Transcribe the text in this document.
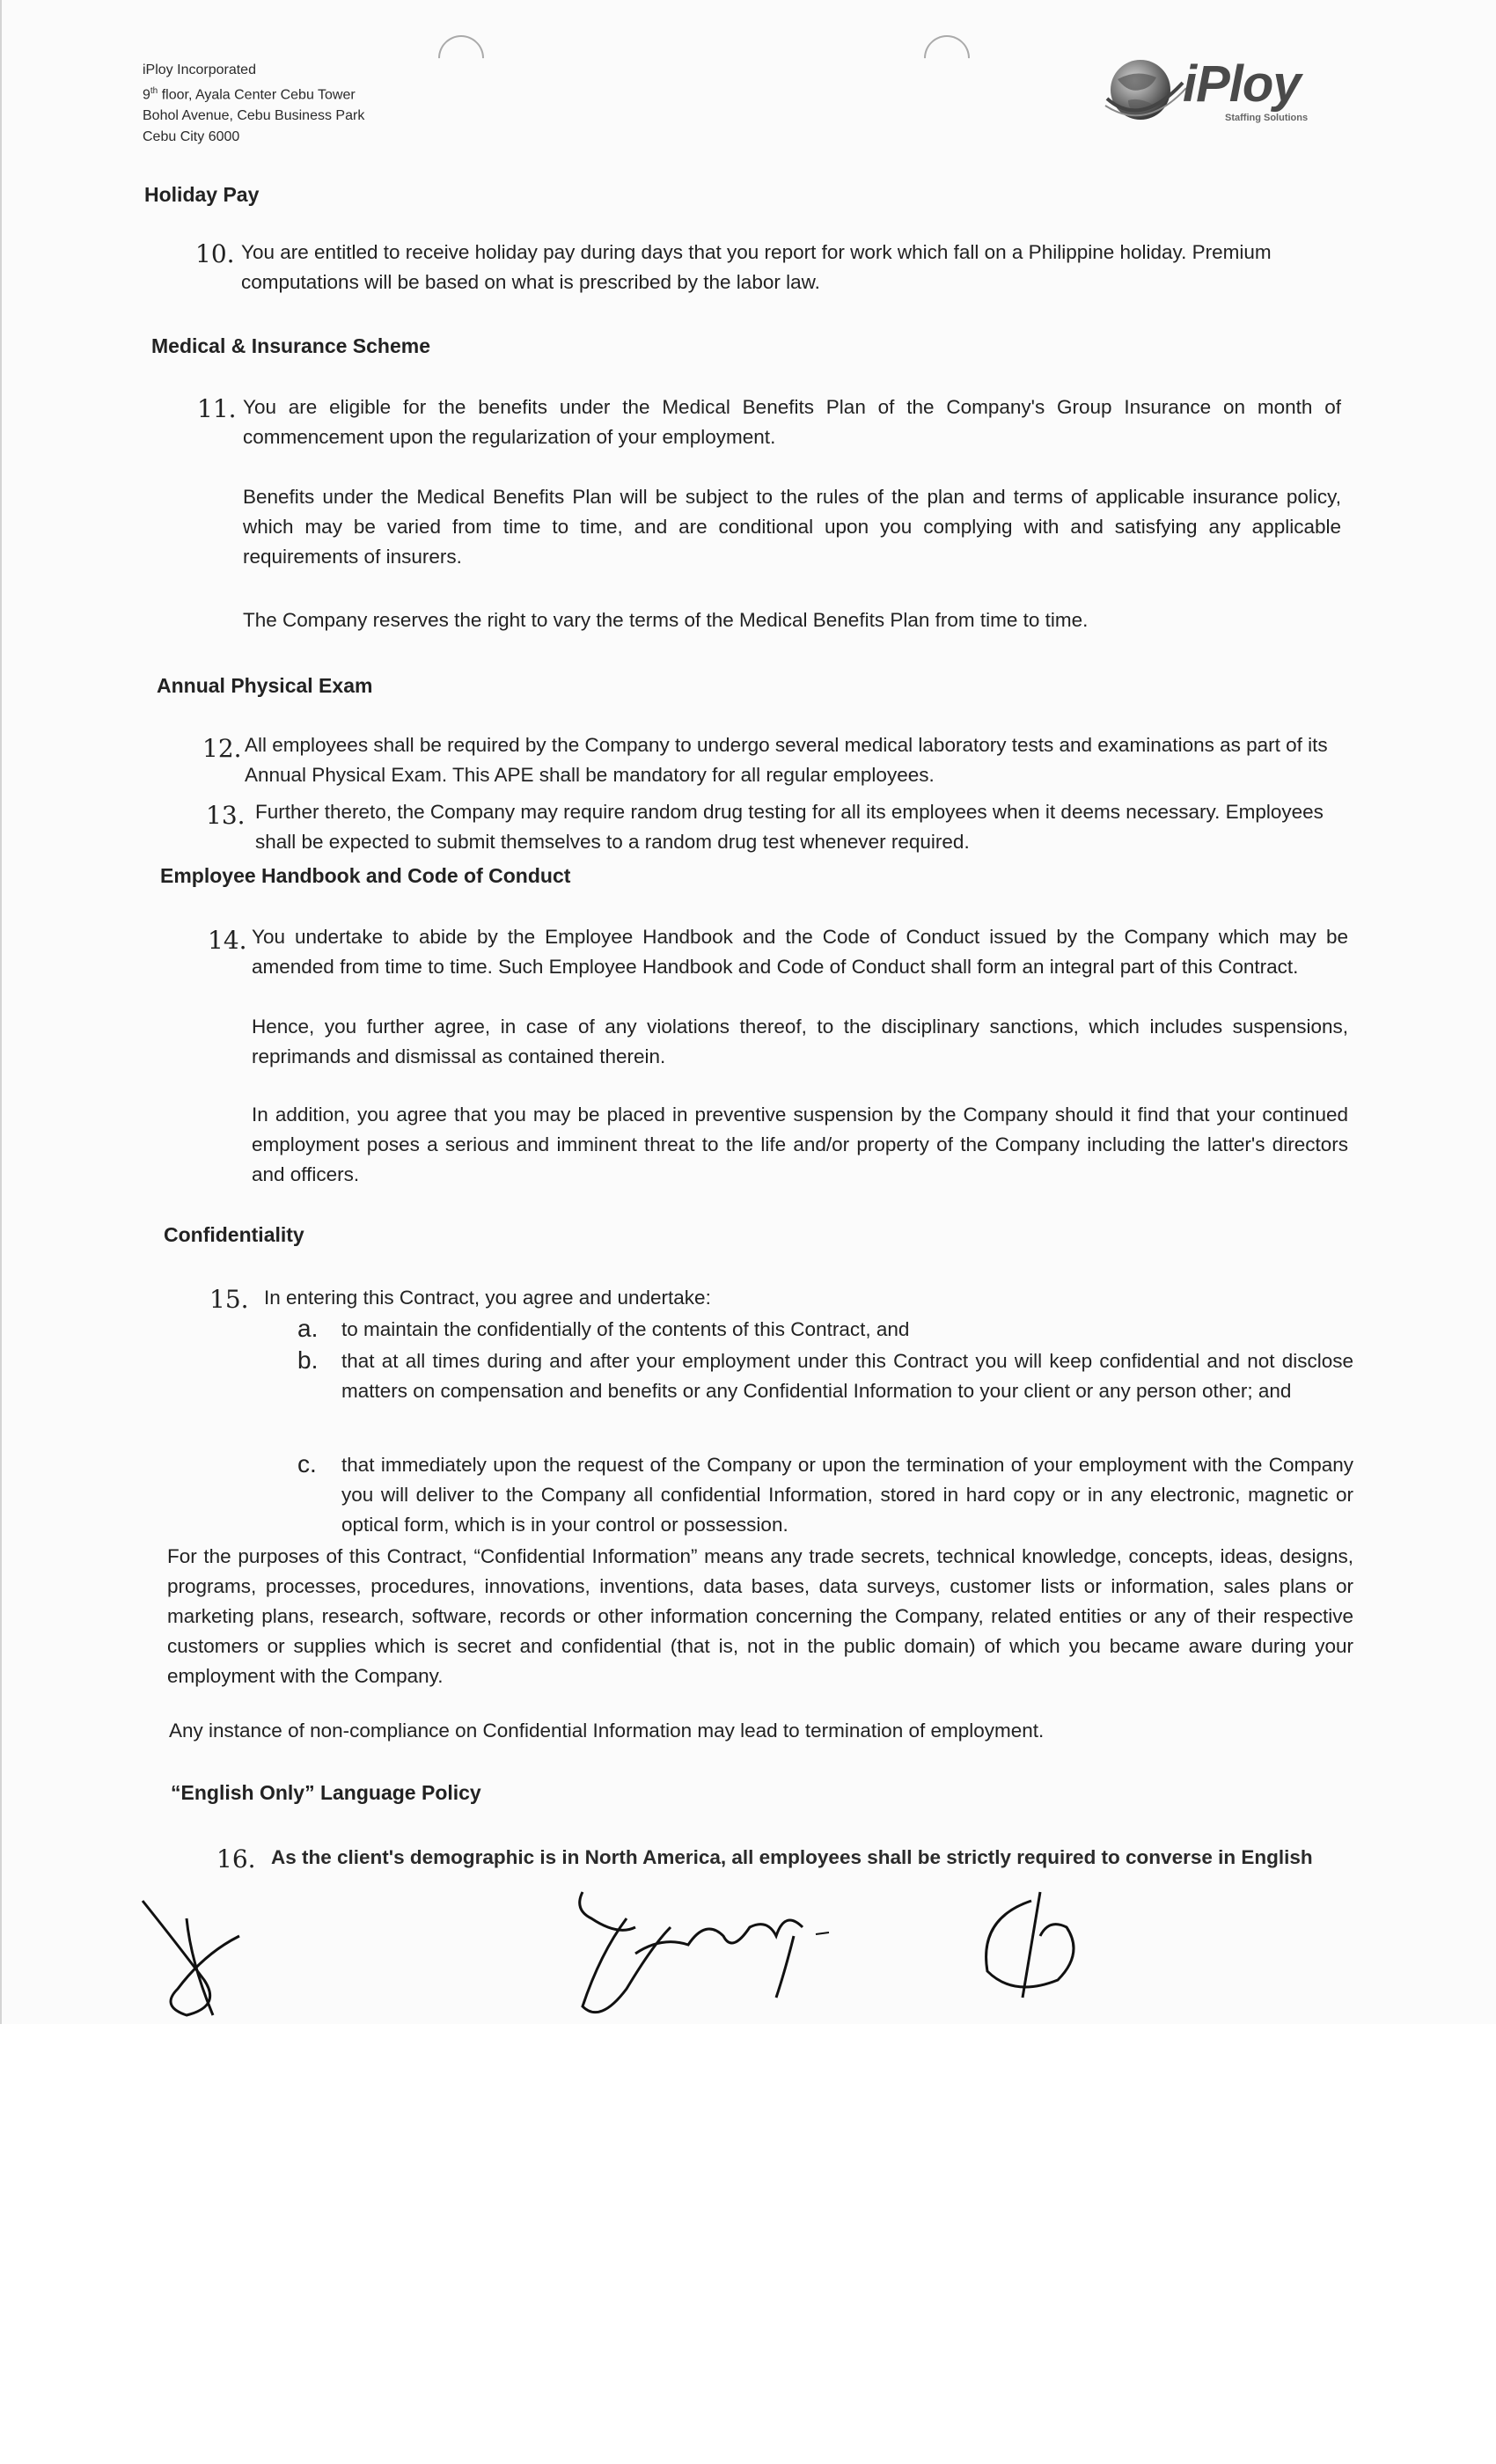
iPloy Incorporated
9th floor, Ayala Center Cebu Tower
Bohol Avenue, Cebu Business Park
Cebu City 6000
iPloy
Staffing Solutions
Holiday Pay
10. You are entitled to receive holiday pay during days that you report for work which fall on a Philippine holiday. Premium computations will be based on what is prescribed by the labor law.
Medical & Insurance Scheme
11. You are eligible for the benefits under the Medical Benefits Plan of the Company's Group Insurance on month of commencement upon the regularization of your employment.
Benefits under the Medical Benefits Plan will be subject to the rules of the plan and terms of applicable insurance policy, which may be varied from time to time, and are conditional upon you complying with and satisfying any applicable requirements of insurers.
The Company reserves the right to vary the terms of the Medical Benefits Plan from time to time.
Annual Physical Exam
12. All employees shall be required by the Company to undergo several medical laboratory tests and examinations as part of its Annual Physical Exam. This APE shall be mandatory for all regular employees.
13. Further thereto, the Company may require random drug testing for all its employees when it deems necessary. Employees shall be expected to submit themselves to a random drug test whenever required.
Employee Handbook and Code of Conduct
14. You undertake to abide by the Employee Handbook and the Code of Conduct issued by the Company which may be amended from time to time. Such Employee Handbook and Code of Conduct shall form an integral part of this Contract.
Hence, you further agree, in case of any violations thereof, to the disciplinary sanctions, which includes suspensions, reprimands and dismissal as contained therein.
In addition, you agree that you may be placed in preventive suspension by the Company should it find that your continued employment poses a serious and imminent threat to the life and/or property of the Company including the latter's directors and officers.
Confidentiality
15. In entering this Contract, you agree and undertake:
a. to maintain the confidentially of the contents of this Contract, and
b. that at all times during and after your employment under this Contract you will keep confidential and not disclose matters on compensation and benefits or any Confidential Information to your client or any person other; and
c. that immediately upon the request of the Company or upon the termination of your employment with the Company you will deliver to the Company all confidential Information, stored in hard copy or in any electronic, magnetic or optical form, which is in your control or possession.
For the purposes of this Contract, “Confidential Information” means any trade secrets, technical knowledge, concepts, ideas, designs, programs, processes, procedures, innovations, inventions, data bases, data surveys, customer lists or information, sales plans or marketing plans, research, software, records or other information concerning the Company, related entities or any of their respective customers or supplies which is secret and confidential (that is, not in the public domain) of which you became aware during your employment with the Company.
Any instance of non-compliance on Confidential Information may lead to termination of employment.
“English Only” Language Policy
16. As the client's demographic is in North America, all employees shall be strictly required to converse in English
